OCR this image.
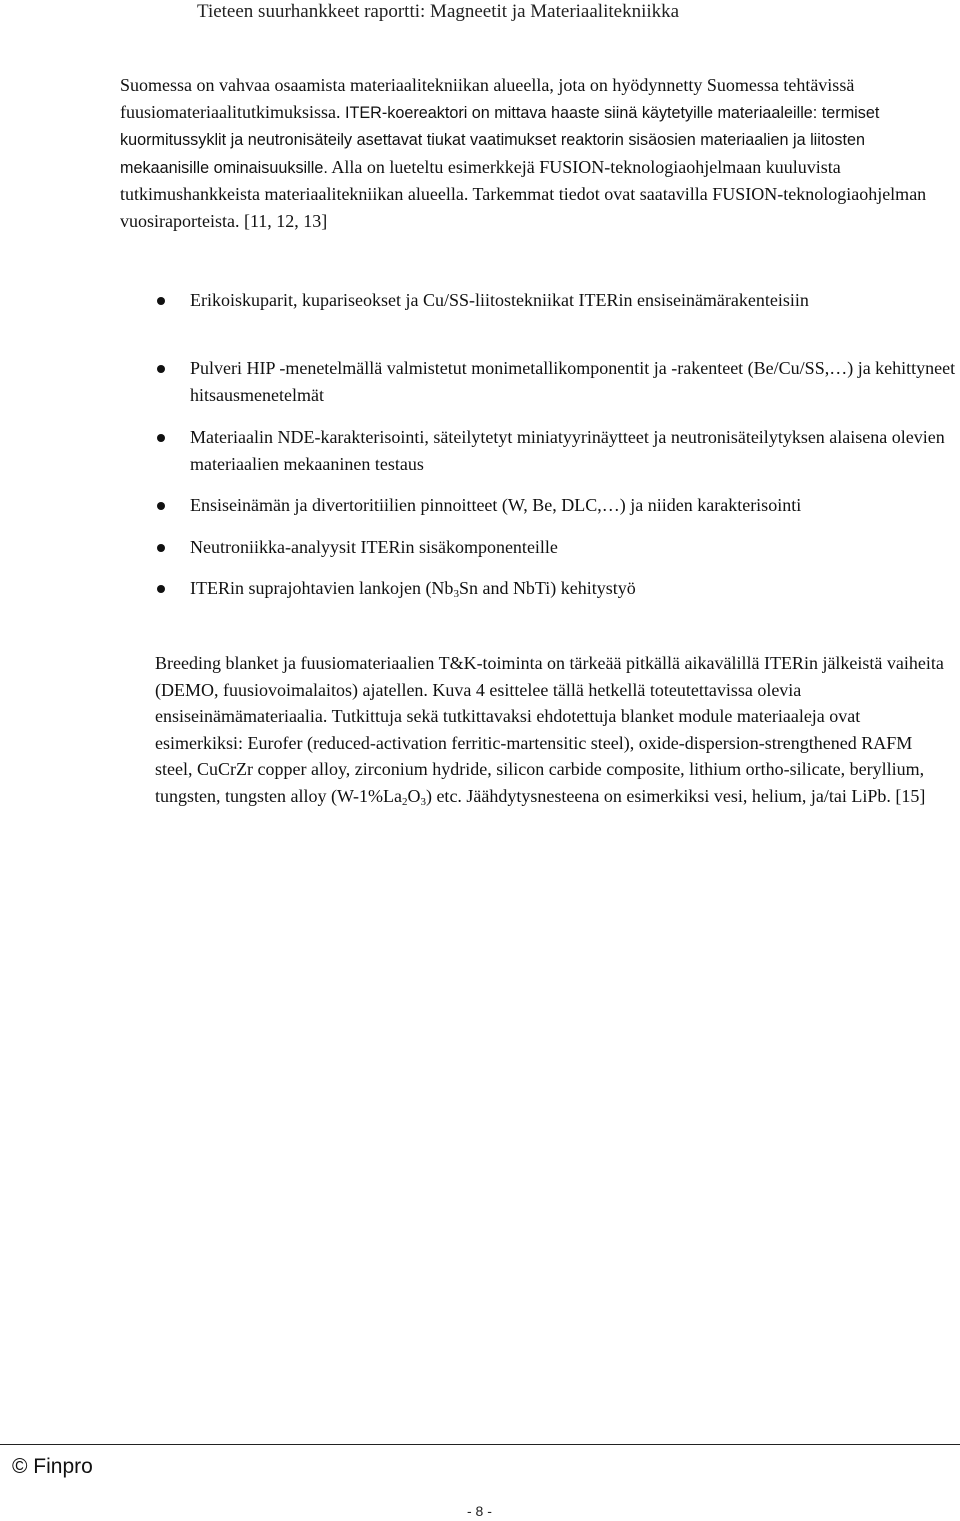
Tieteen suurhankkeet raportti: Magneetit ja Materiaalitekniikka

Suomessa on vahvaa osaamista materiaalitekniikan alueella, jota on hyödynnetty Suomessa tehtävissä fuusiomateriaalitutkimuksissa. ITER-koereaktori on mittava haaste siinä käytetyille materiaaleille: termiset kuormitussyklit ja neutronisäteily asettavat tiukat vaatimukset reaktorin sisäosien materiaalien ja liitosten mekaanisille ominaisuuksille. Alla on lueteltu esimerkkejä FUSION-teknologiaohjelmaan kuuluvista tutkimushankkeista materiaalitekniikan alueella. Tarkemmat tiedot ovat saatavilla FUSION-teknologiaohjelman vuosiraporteista. [11, 12, 13]

Erikoiskuparit, kupariseokset ja Cu/SS-liitostekniikat ITERin ensiseinämärakenteisiin
Pulveri HIP -menetelmällä valmistetut monimetallikomponentit ja -rakenteet (Be/Cu/SS,…) ja kehittyneet hitsausmenetelmät
Materiaalin NDE-karakterisointi, säteilytetyt miniatyyrinäytteet ja neutronisäteilytyksen alaisena olevien materiaalien mekaaninen testaus
Ensiseinämän ja divertoritiilien pinnoitteet (W, Be, DLC,…) ja niiden karakterisointi
Neutroniikka-analyysit ITERin sisäkomponenteille
ITERin suprajohtavien lankojen ($Nb_3Sn$ and NbTi) kehitystyö

Breeding blanket ja fuusiomateriaalien T&K-toiminta on tärkeää pitkällä aikavälillä ITERin jälkeistä vaiheita (DEMO, fuusiovoimalaitos) ajatellen. Kuva 4 esittelee tällä hetkellä toteutettavissa olevia ensiseinämämateriaalia. Tutkittuja sekä tutkittavaksi ehdotettuja blanket module materiaaleja ovat esimerkiksi: Eurofer (reduced-activation ferritic-martensitic steel), oxide-dispersion-strengthened RAFM steel, CuCrZr copper alloy, zirconium hydride, silicon carbide composite, lithium ortho-silicate, beryllium, tungsten, tungsten alloy $(W-1\%La_2O_3)$ etc. Jäähdytysnesteena on esimerkiksi vesi, helium, ja/tai LiPb. [15]

© Finpro
- 8 -
